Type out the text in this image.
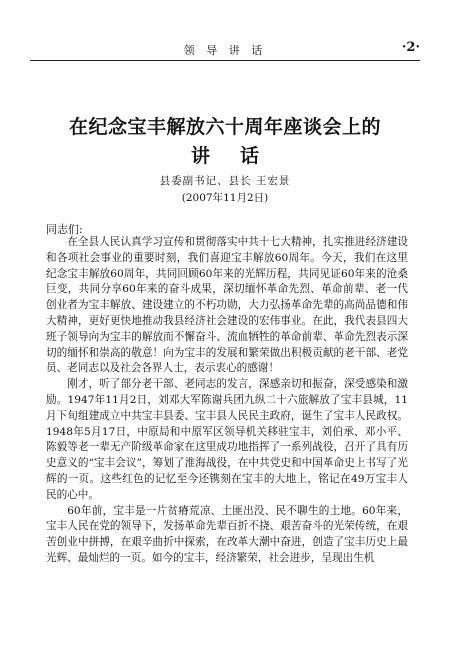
领 导 讲 话	·2·
在纪念宝丰解放六十周年座谈会上的
讲话
县委副书记、县长 王宏景
(2007年11月2日)
同志们:

在全县人民认真学习宣传和贯彻落实中共十七大精神，扎实推进经济建设和各项社会事业的重要时刻，我们喜迎宝丰解放60周年。今天，我们在这里纪念宝丰解放60周年，共同回顾60年来的光辉历程，共同见证60年来的沧桑巨变，共同分享60年来的奋斗成果，深切缅怀革命先烈、革命前辈、老一代创业者为宝丰解放、建设建立的不朽功勋，大力弘扬革命先辈的高尚品德和伟大精神，更好更快地推动我县经济社会建设的宏伟事业。在此，我代表县四大班子领导向为宝丰的解放而不懈奋斗、流血牺牲的革命前辈、革命先烈表示深切的缅怀和崇高的敬意！向为宝丰的发展和繁荣做出积极贡献的老干部、老党员、老同志以及社会各界人士，表示衷心的感谢！

刚才，听了部分老干部、老同志的发言，深感亲切和振奋，深受感染和激励。1947年11月2日，刘邓大军陈谢兵团九纵二十六旅解放了宝丰县城，11月下旬组建成立中共宝丰县委、宝丰县人民民主政府，诞生了宝丰人民政权。1948年5月17日，中原局和中原军区领导机关移驻宝丰，刘伯承、邓小平、陈毅等老一辈无产阶级革命家在这里成功地指挥了一系列战役，召开了具有历史意义的“宝丰会议”，筹划了淮海战役，在中共党史和中国革命史上书写了光辉的一页。这些红色的记忆至今还镌刻在宝丰的大地上，铭记在49万宝丰人民的心中。

60年前，宝丰是一片贫瘠荒凉、土匪出没、民不聊生的土地。60年来，宝丰人民在党的领导下，发扬革命先辈百折不挠、艰苦奋斗的光荣传统，在艰苦创业中拼搏，在艰辛曲折中探索，在改革大潮中奋进，创造了宝丰历史上最光辉、最灿烂的一页。如今的宝丰，经济繁荣，社会进步，呈现出生机
